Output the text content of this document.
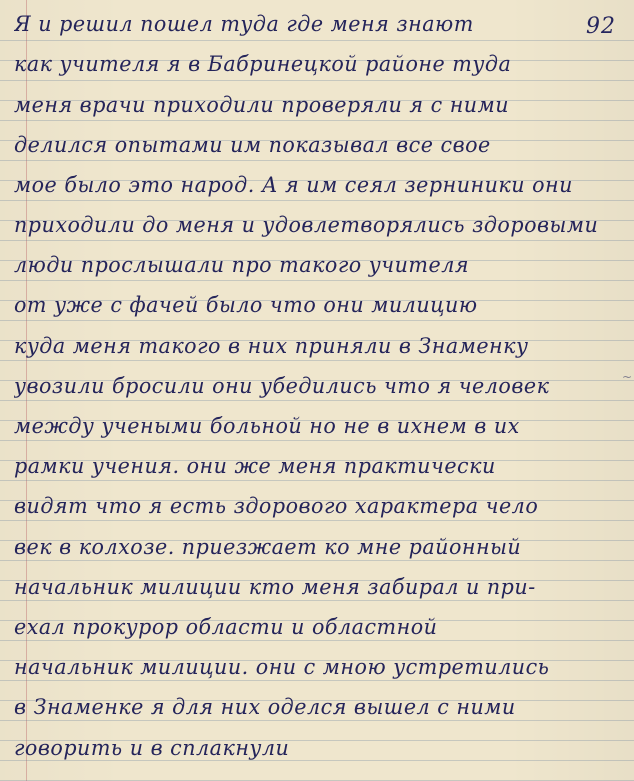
92
Я и решил пошел туда где меня знают
как учителя я в Бабринецкой районе туда
меня врачи приходили проверяли я с ними
делился опытами им показывал все свое
мое было это народ. А я им сеял зерниники они
приходили до меня и удовлетворялись здоровыми
люди прослышали про такого учителя
от уже с фачей было что они милицию
куда меня такого в них приняли в Знаменку
увозили бросили они убедились что я человек
между учеными больной но не в ихнем в их
рамки учения. они же меня практически
видят что я есть здорового характера чело
век в колхозе. приезжает ко мне районный
начальник милиции кто меня забирал и при-
ехал прокурор области и областной
начальник милиции. они с мною устретились
в Знаменке я для них оделся вышел с ними
говорить и в сплакнули
~
